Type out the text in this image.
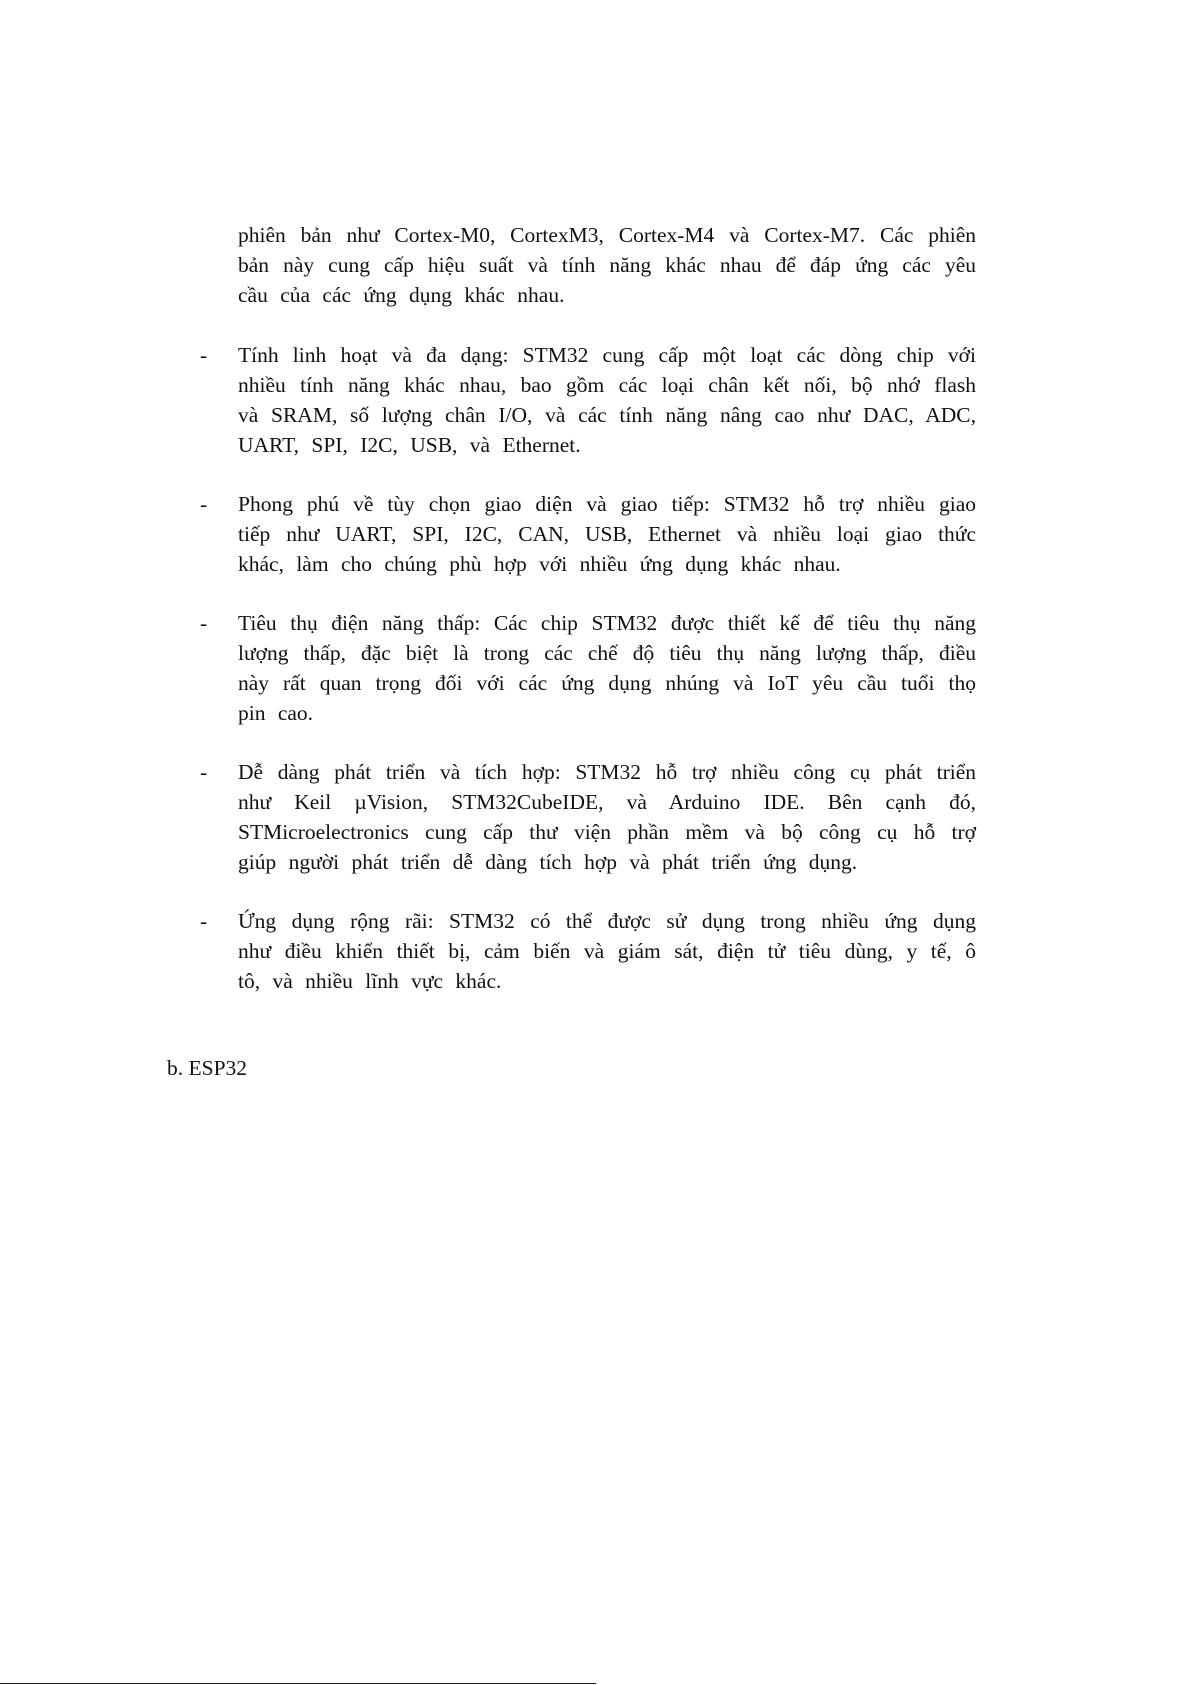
phiên bản như Cortex-M0, CortexM3, Cortex-M4 và Cortex-M7. Các phiên bản này cung cấp hiệu suất và tính năng khác nhau để đáp ứng các yêu cầu của các ứng dụng khác nhau.

-	Tính linh hoạt và đa dạng: STM32 cung cấp một loạt các dòng chip với nhiều tính năng khác nhau, bao gồm các loại chân kết nối, bộ nhớ flash và SRAM, số lượng chân I/O, và các tính năng nâng cao như DAC, ADC, UART, SPI, I2C, USB, và Ethernet.
-	Phong phú về tùy chọn giao diện và giao tiếp: STM32 hỗ trợ nhiều giao tiếp như UART, SPI, I2C, CAN, USB, Ethernet và nhiều loại giao thức khác, làm cho chúng phù hợp với nhiều ứng dụng khác nhau.
-	Tiêu thụ điện năng thấp: Các chip STM32 được thiết kế để tiêu thụ năng lượng thấp, đặc biệt là trong các chế độ tiêu thụ năng lượng thấp, điều này rất quan trọng đối với các ứng dụng nhúng và IoT yêu cầu tuổi thọ pin cao.
-	Dễ dàng phát triển và tích hợp: STM32 hỗ trợ nhiều công cụ phát triển như Keil µVision, STM32CubeIDE, và Arduino IDE. Bên cạnh đó, STMicroelectronics cung cấp thư viện phần mềm và bộ công cụ hỗ trợ giúp người phát triển dễ dàng tích hợp và phát triển ứng dụng.
-	Ứng dụng rộng rãi: STM32 có thể được sử dụng trong nhiều ứng dụng như điều khiển thiết bị, cảm biến và giám sát, điện tử tiêu dùng, y tế, ô tô, và nhiều lĩnh vực khác.
b. ESP32
